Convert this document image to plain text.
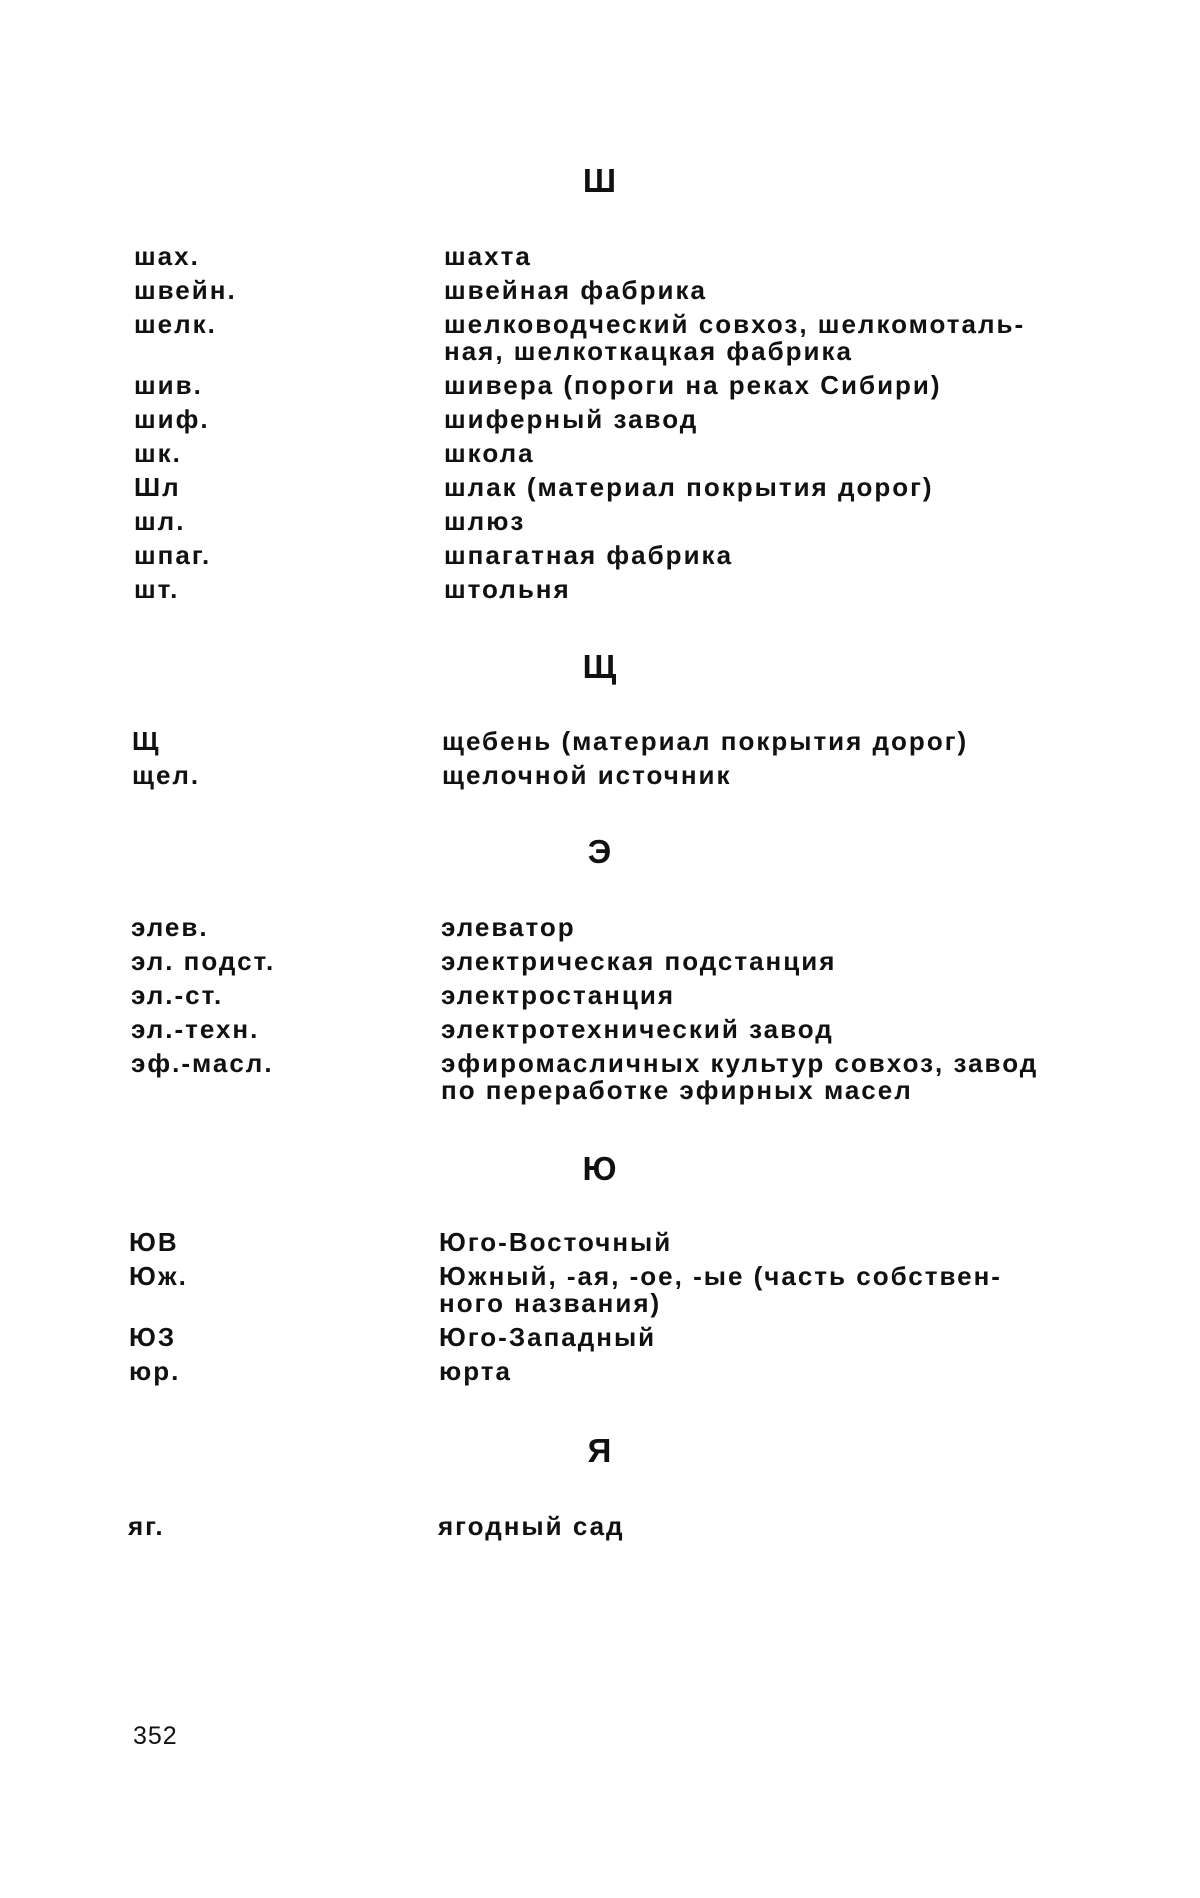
Ш
шах.	шахта
швейн.	швейная фабрика
шелк.	шелководческий совхоз, шелкомоталь-
ная, шелкоткацкая фабрика
шив.	шивера (пороги на реках Сибири)
шиф.	шиферный завод
шк.	школа
Шл	шлак (материал покрытия дорог)
шл.	шлюз
шпаг.	шпагатная фабрика
шт.	штольня
Щ
Щ	щебень (материал покрытия дорог)
щел.	щелочной источник
Э
элев.	элеватор
эл. подст.	электрическая подстанция
эл.-ст.	электростанция
эл.-техн.	электротехнический завод
эф.-масл.	эфиромасличных культур совхоз, завод
по переработке эфирных масел
Ю
ЮВ	Юго-Восточный
Юж.	Южный, -ая, -ое, -ые (часть собствен-
ного названия)
ЮЗ	Юго-Западный
юр.	юрта
Я
яг.	ягодный сад
352
